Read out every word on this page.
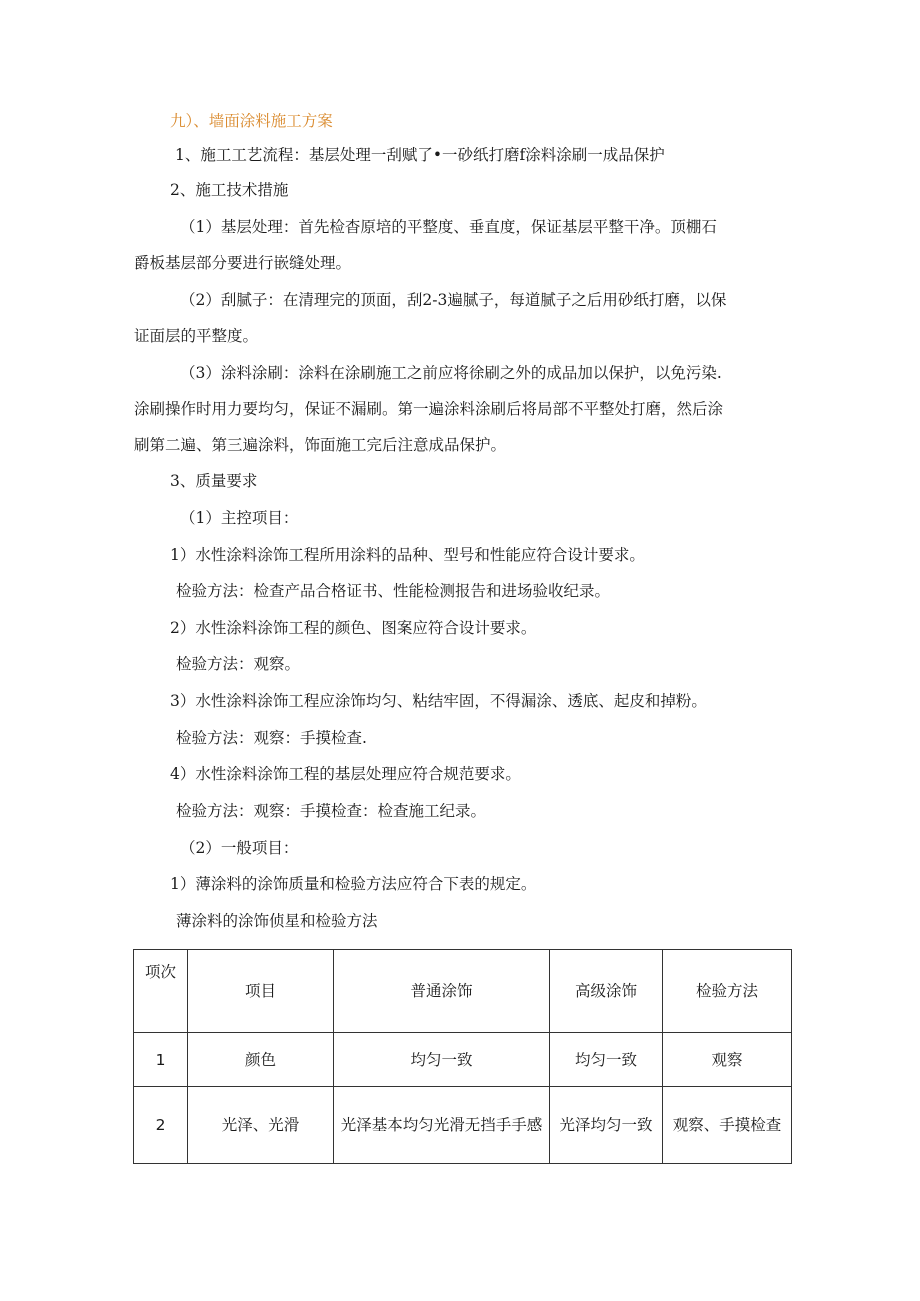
九）、墙面涂料施工方案
1、施工工艺流程：基层处理一刮赋了•一砂纸打磨f涂料涂刷一成品保护
2、施工技术措施
（1）基层处理：首先检杳原培的平整度、垂直度，保证基层平整干净。顶棚石
爵板基层部分要进行嵌缝处理。
（2）刮腻子：在清理完的顶面，刮2-3遍腻子，每道腻子之后用砂纸打磨，以保
证面层的平整度。
（3）涂料涂刷：涂料在涂刷施工之前应将徐刷之外的成品加以保护，以免污染.
涂刷操作时用力要均匀，保证不漏刷。第一遍涂料涂刷后将局部不平整处打磨，然后涂
刷第二遍、第三遍涂料，饰面施工完后注意成品保护。
3、质量要求
（1）主控项目：
1）水性涂料涂饰工程所用涂料的品种、型号和性能应符合设计要求。
检验方法：检查产品合格证书、性能检测报告和进场验收纪录。
2）水性涂料涂饰工程的颜色、图案应符合设计要求。
检验方法：观察。
3）水性涂料涂饰工程应涂饰均匀、粘结牢固，不得漏涂、透底、起皮和掉粉。
检验方法：观察：手摸检查.
4）水性涂料涂饰工程的基层处理应符合规范要求。
检验方法：观察：手摸检查：检查施工纪录。
（2）一般项目：
1）薄涂料的涂饰质量和检验方法应符合下表的规定。
薄涂料的涂饰侦星和检验方法
项次	项目	普通涂饰	高级涂饰	检验方法
1	颜色	均匀一致	均匀一致	观察
2	光泽、光滑	光泽基本均匀光滑无挡手手感	光泽均匀一致	观察、手摸检查
